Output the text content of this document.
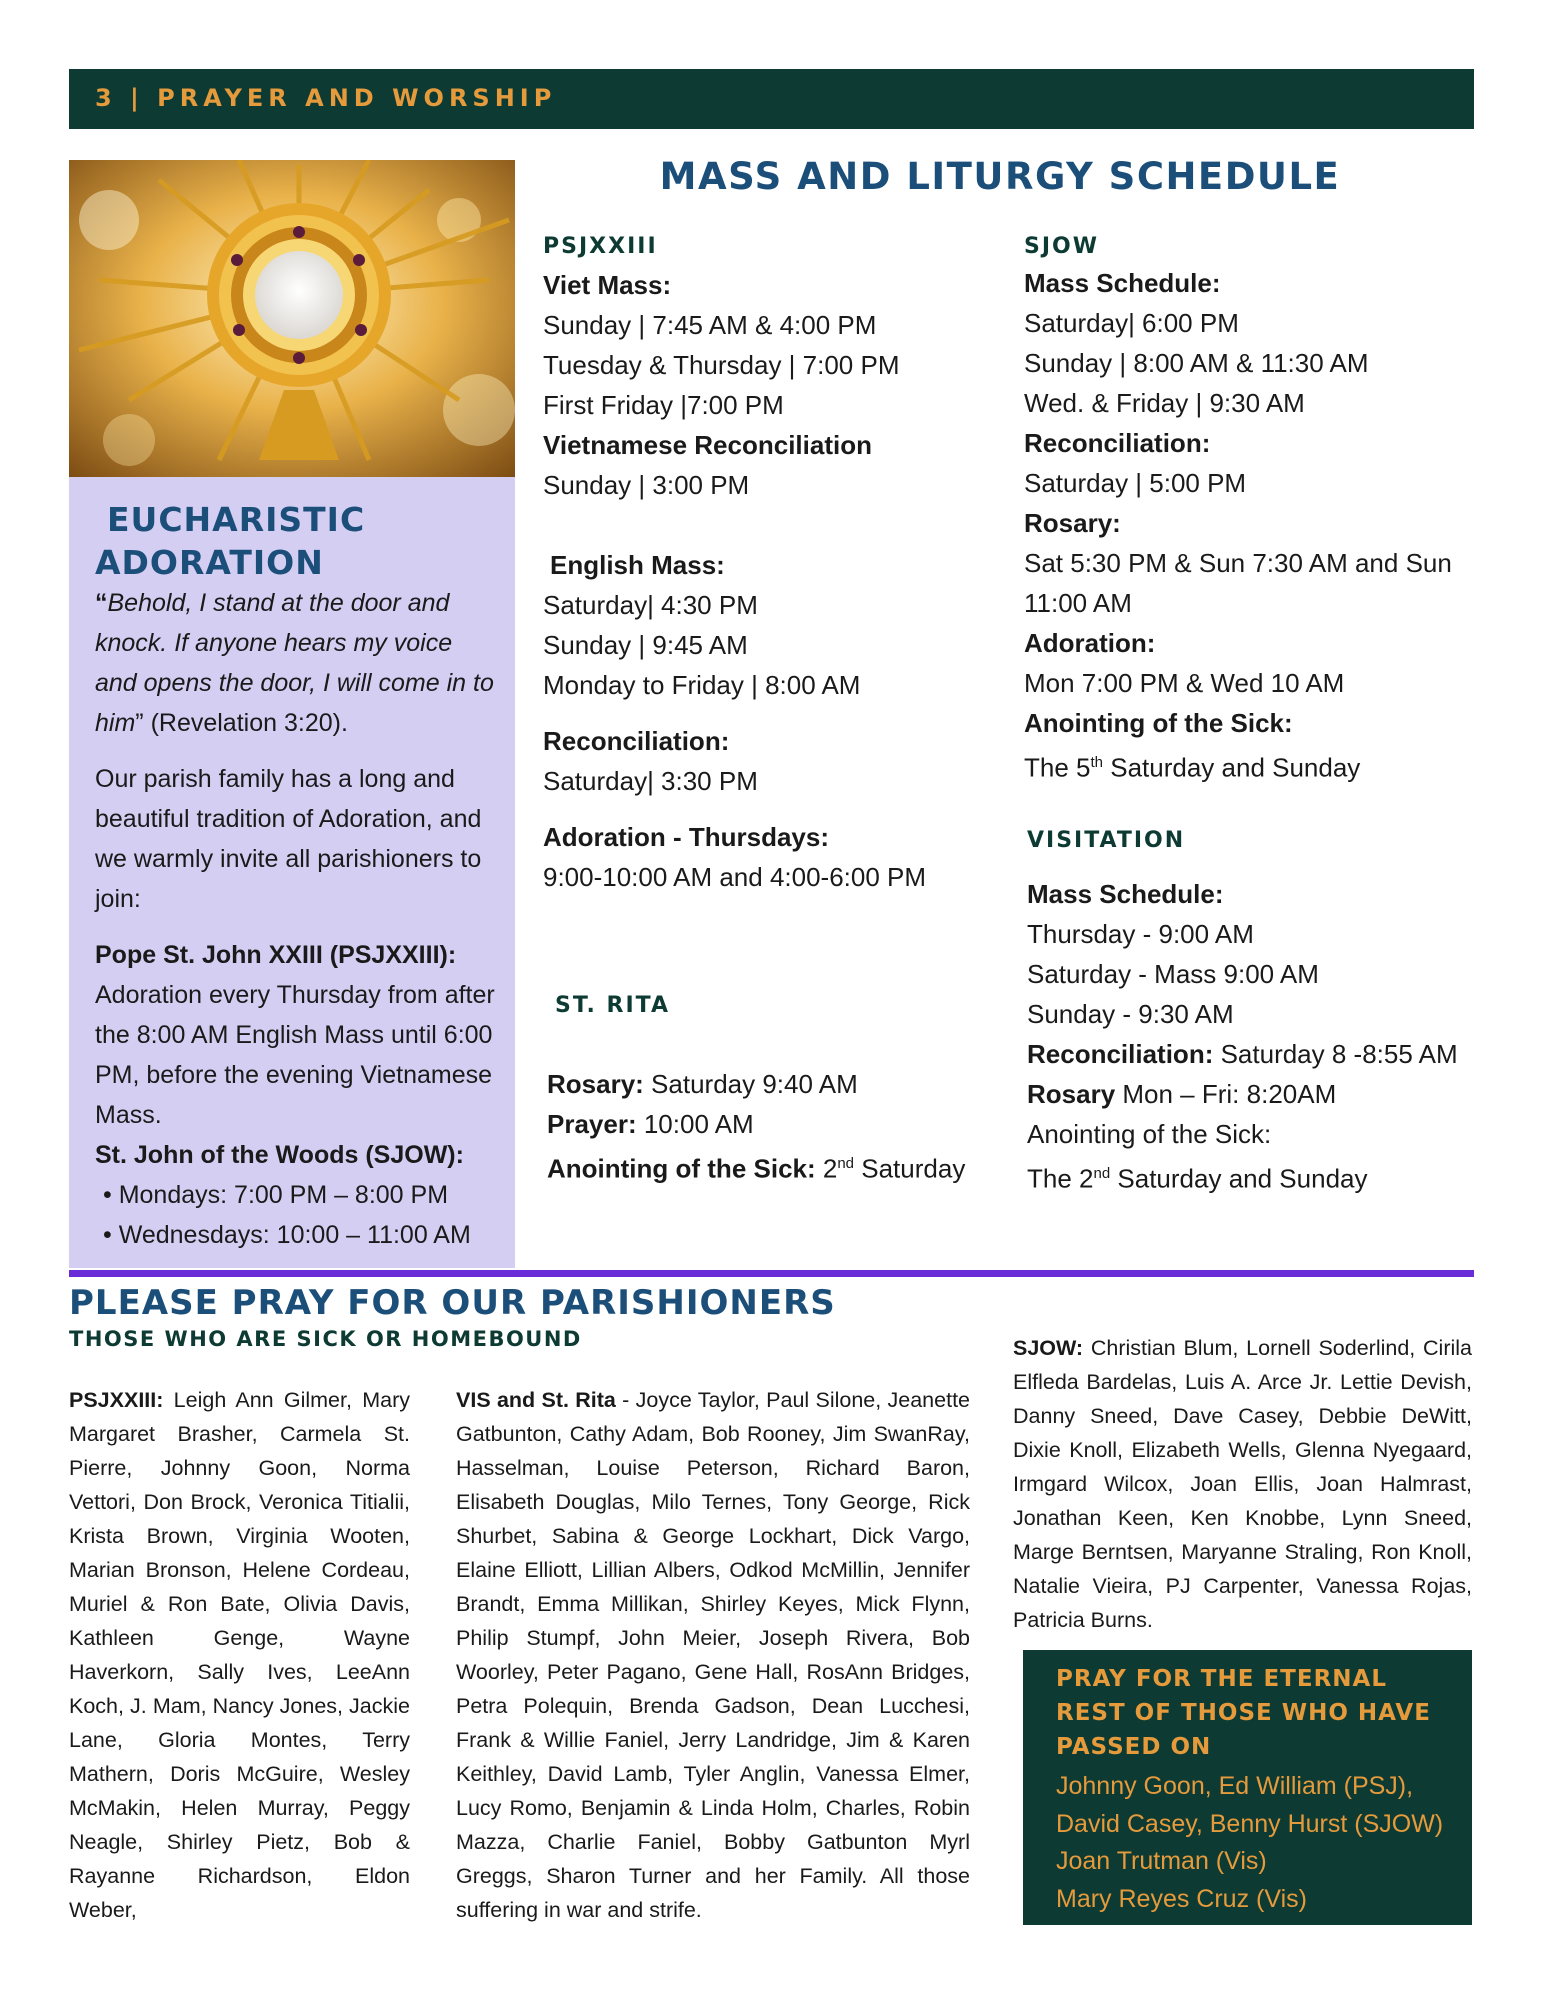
3 | PRAYER AND WORSHIP
EUCHARISTIC
ADORATION

“Behold, I stand at the door and knock. If anyone hears my voice and opens the door, I will come in to him” (Revelation 3:20).

Our parish family has a long and beautiful tradition of Adoration, and we warmly invite all parishioners to join:

Pope St. John XXIII (PSJXXIII):
Adoration every Thursday from after the 8:00 AM English Mass until 6:00 PM, before the evening Vietnamese Mass.
St. John of the Woods (SJOW):
• Mondays: 7:00 PM – 8:00 PM
• Wednesdays: 10:00 – 11:00 AM
MASS AND LITURGY SCHEDULE
PSJXXIII
Viet Mass:
Sunday | 7:45 AM & 4:00 PM
Tuesday & Thursday | 7:00 PM
First Friday |7:00 PM
Vietnamese Reconciliation
Sunday | 3:00 PM
English Mass:
Saturday| 4:30 PM
Sunday | 9:45 AM
Monday to Friday | 8:00 AM
Reconciliation:
Saturday| 3:30 PM
Adoration - Thursdays:
9:00-10:00 AM and 4:00-6:00 PM
ST. RITA
Rosary: Saturday 9:40 AM
Prayer: 10:00 AM
Anointing of the Sick: 2nd Saturday
SJOW
Mass Schedule:
Saturday| 6:00 PM
Sunday | 8:00 AM & 11:30 AM
Wed. & Friday | 9:30 AM
Reconciliation:
Saturday | 5:00 PM
Rosary:
Sat 5:30 PM & Sun 7:30 AM and Sun 11:00 AM
Adoration:
Mon 7:00 PM & Wed 10 AM
Anointing of the Sick:
The 5th Saturday and Sunday
VISITATION
Mass Schedule:
Thursday - 9:00 AM
Saturday - Mass 9:00 AM
Sunday - 9:30 AM
Reconciliation: Saturday 8 -8:55 AM
Rosary Mon – Fri: 8:20AM
Anointing of the Sick:
The 2nd Saturday and Sunday
PLEASE PRAY FOR OUR PARISHIONERS
THOSE WHO ARE SICK OR HOMEBOUND
PSJXXIII: Leigh Ann Gilmer, Mary Margaret Brasher, Carmela St. Pierre, Johnny Goon, Norma Vettori, Don Brock, Veronica Titialii, Krista Brown, Virginia Wooten, Marian Bronson, Helene Cordeau, Muriel & Ron Bate, Olivia Davis, Kathleen Genge, Wayne Haverkorn, Sally Ives, LeeAnn Koch, J. Mam, Nancy Jones, Jackie Lane, Gloria Montes, Terry Mathern, Doris McGuire, Wesley McMakin, Helen Murray, Peggy Neagle, Shirley Pietz, Bob & Rayanne Richardson, Eldon Weber,
VIS and St. Rita - Joyce Taylor, Paul Silone, Jeanette Gatbunton, Cathy Adam, Bob Rooney, Jim SwanRay, Hasselman, Louise Peterson, Richard Baron, Elisabeth Douglas, Milo Ternes, Tony George, Rick Shurbet, Sabina & George Lockhart, Dick Vargo, Elaine Elliott, Lillian Albers, Odkod McMillin, Jennifer Brandt, Emma Millikan, Shirley Keyes, Mick Flynn, Philip Stumpf, John Meier, Joseph Rivera, Bob Woorley, Peter Pagano, Gene Hall, RosAnn Bridges, Petra Polequin, Brenda Gadson, Dean Lucchesi, Frank & Willie Faniel, Jerry Landridge, Jim & Karen Keithley, David Lamb, Tyler Anglin, Vanessa Elmer, Lucy Romo, Benjamin & Linda Holm, Charles, Robin Mazza, Charlie Faniel, Bobby Gatbunton Myrl Greggs, Sharon Turner and her Family. All those suffering in war and strife.
SJOW: Christian Blum, Lornell Soderlind, Cirila Elfleda Bardelas, Luis A. Arce Jr. Lettie Devish, Danny Sneed, Dave Casey, Debbie DeWitt, Dixie Knoll, Elizabeth Wells, Glenna Nyegaard, Irmgard Wilcox, Joan Ellis, Joan Halmrast, Jonathan Keen, Ken Knobbe, Lynn Sneed, Marge Berntsen, Maryanne Straling, Ron Knoll, Natalie Vieira, PJ Carpenter, Vanessa Rojas, Patricia Burns.
PRAY FOR THE ETERNAL REST OF THOSE WHO HAVE PASSED ON
Johnny Goon, Ed William (PSJ),
David Casey, Benny Hurst (SJOW)
Joan Trutman (Vis)
Mary Reyes Cruz (Vis)
